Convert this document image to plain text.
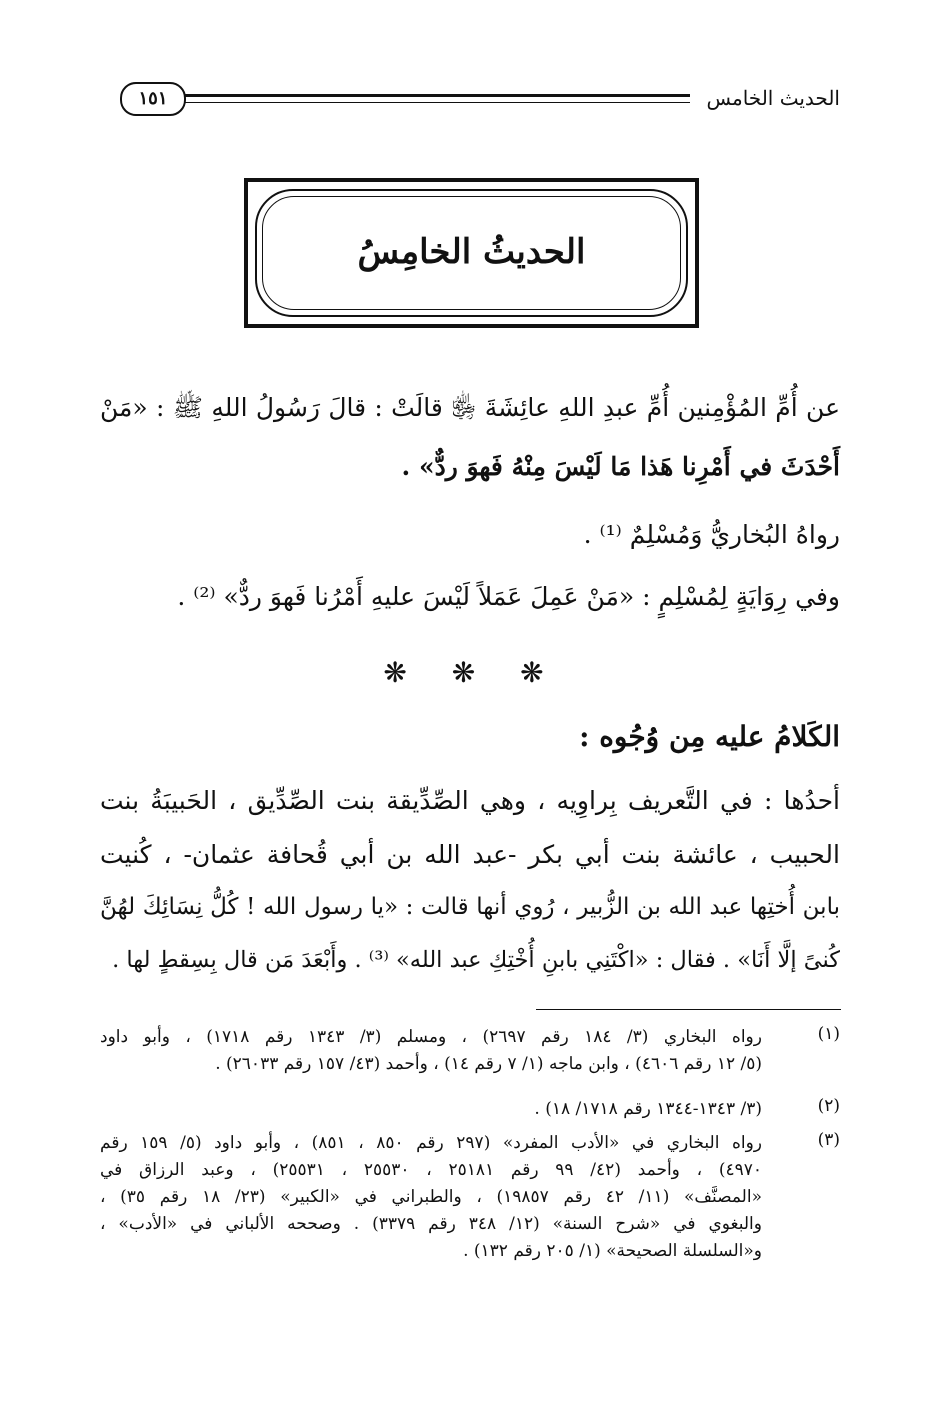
الحديث الخامس
١٥١
الحديثُ الخامِسُ
عن أُمِّ المُؤْمِنين أُمِّ عبدِ اللهِ عائِشَةَ ﵂ قالَتْ : قالَ رَسُولُ اللهِ ﷺ : «مَنْ
أَحْدَثَ في أَمْرِنا هَذا مَا لَيْسَ مِنْهُ فَهوَ ردٌّ» .
رواهُ البُخاريُّ وَمُسْلِمٌ ⁽¹⁾ .
وفي رِوَايَةٍ لِمُسْلِمٍ : «مَنْ عَمِلَ عَمَلاً لَيْسَ عليهِ أَمْرُنا فَهوَ ردٌّ» ⁽²⁾ .
❋ ❋ ❋
الكَلامُ عليه مِن وُجُوه :
أحدُها : في التَّعريف بِراوِيه ، وهي الصِّدِّيقة بنت الصِّدِّيق ، الحَبيبَةُ بنت
الحبيب ، عائشة بنت أبي بكر -عبد الله بن أبي قُحافة عثمان- ، كُنيت
بابن أُختِها عبد الله بن الزُّبير ، رُوي أنها قالت : «يا رسول الله ! كُلُّ نِسَائِكَ لهُنَّ
كُنىً إلَّا أَنَا» . فقال : «اكْتَنِي بابنِ أُخْتِكِ عبد الله» ⁽³⁾ . وأَبْعَدَ مَن قال بِسِقطٍ لها .
(١)
رواه البخاري (٣/ ١٨٤ رقم ٢٦٩٧) ، ومسلم (٣/ ١٣٤٣ رقم ١٧١٨) ، وأبو داود
(٥/ ١٢ رقم ٤٦٠٦) ، وابن ماجه (١/ ٧ رقم ١٤) ، وأحمد (٤٣/ ١٥٧ رقم ٢٦٠٣٣) .
(٢)
(٣/ ١٣٤٣-١٣٤٤ رقم ١٧١٨/ ١٨) .
(٣)
رواه البخاري في «الأدب المفرد» (٢٩٧ رقم ٨٥٠ ، ٨٥١) ، وأبو داود (٥/ ١٥٩ رقم
٤٩٧٠) ، وأحمد (٤٢/ ٩٩ رقم ٢٥١٨١ ، ٢٥٥٣٠ ، ٢٥٥٣١) ، وعبد الرزاق في
«المصنَّف» (١١/ ٤٢ رقم ١٩٨٥٧) ، والطبراني في «الكبير» (٢٣/ ١٨ رقم ٣٥) ،
والبغوي في «شرح السنة» (١٢/ ٣٤٨ رقم ٣٣٧٩) . وصححه الألباني في «الأدب» ،
و«السلسلة الصحيحة» (١/ ٢٠٥ رقم ١٣٢) .
